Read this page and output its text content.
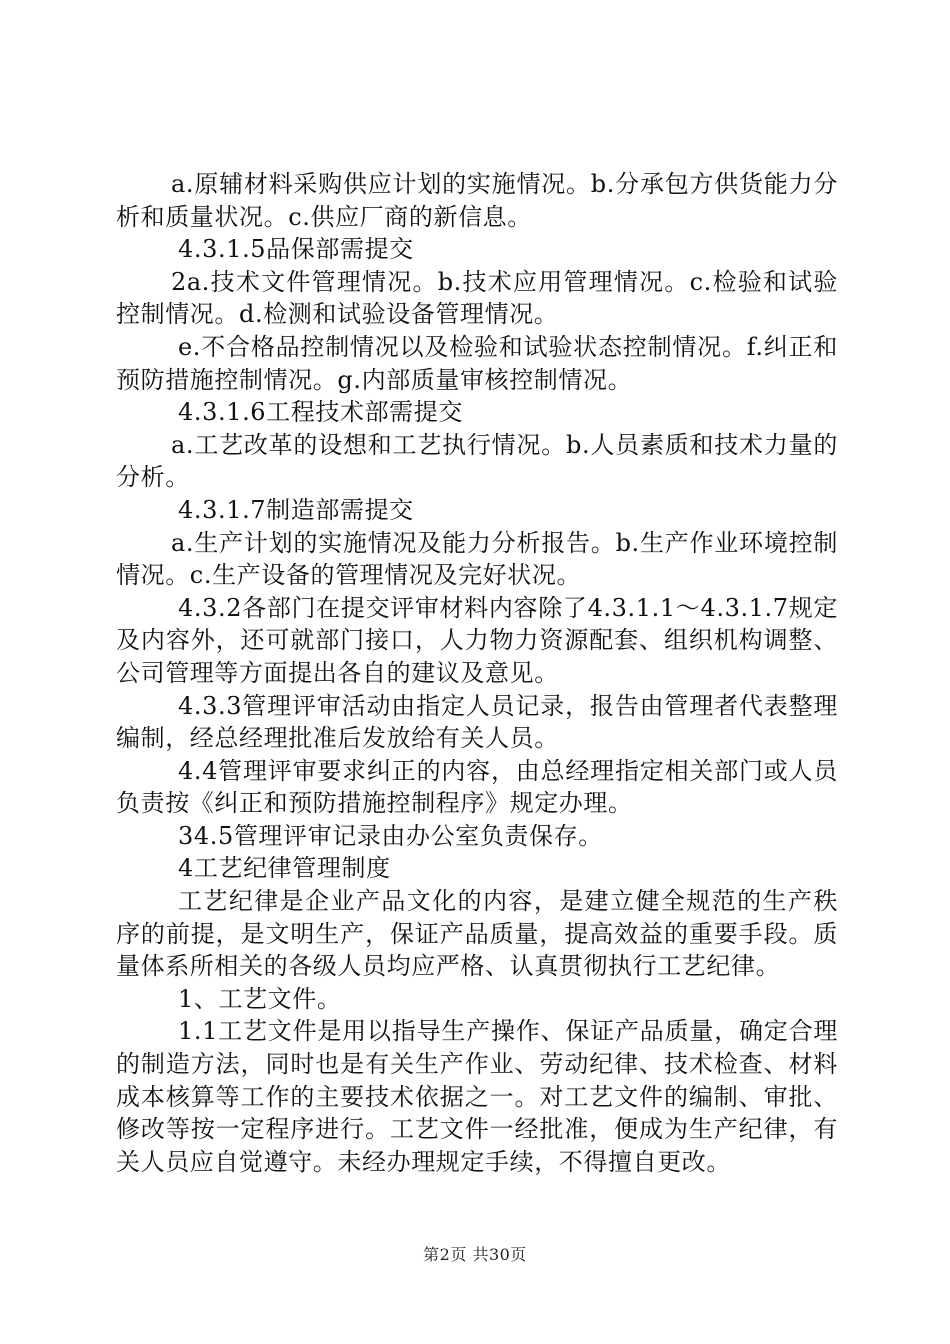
a.原辅材料采购供应计划的实施情况。b.分承包方供货能力分析和质量状况。c.供应厂商的新信息。

4.3.1.5品保部需提交

2a.技术文件管理情况。b.技术应用管理情况。c.检验和试验控制情况。d.检测和试验设备管理情况。

e.不合格品控制情况以及检验和试验状态控制情况。f.纠正和预防措施控制情况。g.内部质量审核控制情况。

4.3.1.6工程技术部需提交

a.工艺改革的设想和工艺执行情况。b.人员素质和技术力量的分析。

4.3.1.7制造部需提交

a.生产计划的实施情况及能力分析报告。b.生产作业环境控制情况。c.生产设备的管理情况及完好状况。

4.3.2各部门在提交评审材料内容除了4.3.1.1～4.3.1.7规定及内容外，还可就部门接口，人力物力资源配套、组织机构调整、公司管理等方面提出各自的建议及意见。

4.3.3管理评审活动由指定人员记录，报告由管理者代表整理编制，经总经理批准后发放给有关人员。

4.4管理评审要求纠正的内容，由总经理指定相关部门或人员负责按《纠正和预防措施控制程序》规定办理。

34.5管理评审记录由办公室负责保存。

4工艺纪律管理制度

工艺纪律是企业产品文化的内容，是建立健全规范的生产秩序的前提，是文明生产，保证产品质量，提高效益的重要手段。质量体系所相关的各级人员均应严格、认真贯彻执行工艺纪律。

1、工艺文件。

1.1工艺文件是用以指导生产操作、保证产品质量，确定合理的制造方法，同时也是有关生产作业、劳动纪律、技术检查、材料成本核算等工作的主要技术依据之一。对工艺文件的编制、审批、修改等按一定程序进行。工艺文件一经批准，便成为生产纪律，有关人员应自觉遵守。未经办理规定手续，不得擅自更改。

第2页 共30页
